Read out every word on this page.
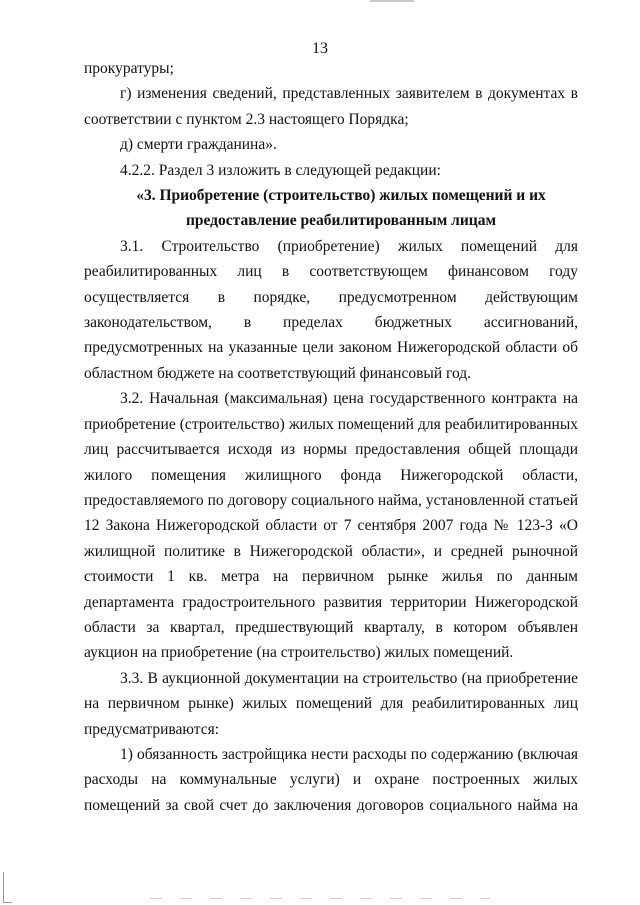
13

прокуратуры;

г) изменения сведений, представленных заявителем в документах в соответствии с пунктом 2.3 настоящего Порядка;

д) смерти гражданина».

4.2.2. Раздел 3 изложить в следующей редакции:

«3. Приобретение (строительство) жилых помещений и их предоставление реабилитированным лицам

3.1. Строительство (приобретение) жилых помещений для реабилитированных лиц в соответствующем финансовом году осуществляется в порядке, предусмотренном действующим законодательством, в пределах бюджетных ассигнований, предусмотренных на указанные цели законом Нижегородской области об областном бюджете на соответствующий финансовый год.

3.2. Начальная (максимальная) цена государственного контракта на приобретение (строительство) жилых помещений для реабилитированных лиц рассчитывается исходя из нормы предоставления общей площади жилого помещения жилищного фонда Нижегородской области, предоставляемого по договору социального найма, установленной статьей 12 Закона Нижегородской области от 7 сентября 2007 года № 123-З «О жилищной политике в Нижегородской области», и средней рыночной стоимости 1 кв. метра на первичном рынке жилья по данным департамента градостроительного развития территории Нижегородской области за квартал, предшествующий кварталу, в котором объявлен аукцион на приобретение (на строительство) жилых помещений.

3.3. В аукционной документации на строительство (на приобретение на первичном рынке) жилых помещений для реабилитированных лиц предусматриваются:

1) обязанность застройщика нести расходы по содержанию (включая расходы на коммунальные услуги) и охране построенных жилых помещений за свой счет до заключения договоров социального найма на
